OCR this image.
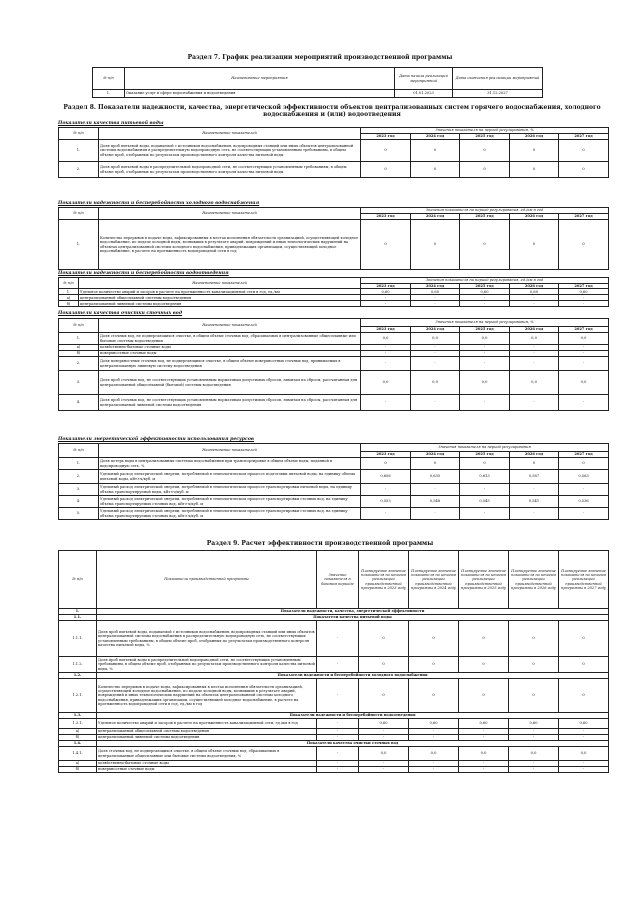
Раздел 7. График реализации мероприятий производственной программы
№ п/п	Наименование мероприятия	Дата начала реализации мероприятий	Дата окончания реализации мероприятий
1.	Оказание услуг в сфере водоснабжения и водоотведения	01.01.2023	31.12.2027
Раздел 8. Показатели надежности, качества, энергетической эффективности объектов централизованных систем горячего водоснабжения, холодного водоснабжения и (или) водоотведения
Показатели качества питьевой воды
№ п/п	Наименование показателей	Значения показателя на период регулирования, %				
		2023 год	2024 год	2025 год	2026 год	2027 год
1.	Доля проб питьевой воды, подаваемой с источников водоснабжения, водопроводных станций или иных объектов централизованной системы водоснабжения в распределительную водопроводную сеть, не соответствующих установленным требованиям, в общем объеме проб, отобранных по результатам производственного контроля качества питьевой воды	0	0	0	0	0
2.	Доля проб питьевой воды в распределительной водопроводной сети, не соответствующих установленным требованиям, в общем объеме проб, отобранных по результатам производственного контроля качества питьевой воды	0	0	0	0	0
Показатели надежности и бесперебойности холодного водоснабжения
№ п/п	Наименование показателей	Значения показателя на период регулирования, ед./км в год				
		2023 год	2024 год	2025 год	2026 год	2027 год
1.	Количество перерывов в подаче воды, зафиксированных в местах исполнения обязательств организацией, осуществляющей холодное водоснабжение, по подаче холодной воды, возникших в результате аварий, повреждений и иных технологических нарушений на объектах централизованной системы холодного водоснабжения, принадлежащих организации, осуществляющей холодное водоснабжение, в расчете на протяженность водопроводной сети в год	0	0	0	0	0
Показатели надежности и бесперебойности водоотведения
№ п/п	Наименование показателей	Значения показателя на период регулирования, ед./км в год				
		2023 год	2024 год	2025 год	2026 год	2027 год
1.	Удельное количество аварий и засоров в расчете на протяженность канализационной сети в год, ед./км	0,60	0,60	0,60	0,60	0,60
а)	централизованной общесплавной системы водоотведения	-	-	-	-	-
б)	централизованной ливневой системы водоотведения	-	-	-	-	-
Показатели качества очистки сточных вод
№ п/п	Наименование показателей	Значения показателя на период регулирования, %				
		2023 год	2024 год	2025 год	2026 год	2027 год
1.	Доля сточных вод, не подвергающихся очистке, в общем объеме сточных вод, сбрасываемых в централизованные общесплавные или бытовые системы водоотведения	0,0	0,0	0,0	0,0	0,0
а)	хозяйственно-бытовые сточные воды	-	-	-	-	-
б)	поверхностные сточные воды	-	-	-	-	-
2.	Доля поверхностных сточных вод, не подвергающихся очистке, в общем объеме поверхностных сточных вод, принимаемых в централизованную ливневую систему водоотведения	-	-	-	-	-
3.	Доля проб сточных вод, не соответствующих установленным нормативам допустимых сбросов, лимитам на сбросы, рассчитанная для централизованной общесплавной (бытовой) системы водоотведения	0,0	0,0	0,0	0,0	0,0
4.	Доля проб сточных вод, не соответствующих установленным нормативам допустимых сбросов, лимитам на сбросы, рассчитанная для централизованной ливневой системы водоотведения	-	-	-	-	-
Показатели энергетической эффективности использования ресурсов
№ п/п	Наименование показателей	Значения показателя на период регулирования				
		2023 год	2024 год	2025 год	2026 год	2027 год
1.	Доля потерь воды в централизованных системах водоснабжения при транспортировке в общем объеме воды, поданной в водопроводную сеть, %	0	0	0	0	0
2.	Удельный расход электрической энергии, потребляемой в технологическом процессе подготовки питьевой воды, на единицу объема питьевой воды, кВт×ч/куб. м	0,656	0,635	0,613	0,587	0,563
3.	Удельный расход электрической энергии, потребляемой в технологическом процессе транспортировки питьевой воды, на единицу объема транспортируемой воды, кВт×ч/куб. м	-	-	-	-	-
4.	Удельный расход электрической энергии, потребляемой в технологическом процессе транспортировки сточных вод, на единицу объема транспортируемых сточных вод, кВт×ч/куб. м	0,553	0,548	0,545	0,541	0,536
5.	Удельный расход электрической энергии, потребляемой в технологическом процессе транспортировки сточных вод, на единицу объема транспортируемых сточных вод, кВт×ч/куб. м	-	-	-	-	-
Раздел 9. Расчет эффективности производственной программы
№ п/п	Показатели производственной программы	Значение показателя в базовом периоде	Планируемое значение показателя по итогам реализации производственной программы в 2023 году	Планируемое значение показателя по итогам реализации производственной программы в 2024 году	Планируемое значение показателя по итогам реализации производственной программы в 2025 году	Планируемое значение показателя по итогам реализации производственной программы в 2026 году	Планируемое значение показателя по итогам реализации производственной программы в 2027 году
1.	Показатели надежности, качества, энергетической эффективности						
1.1.	Показатели качества питьевой воды						
1.1.1.	Доля проб питьевой воды, подаваемой с источников водоснабжения, водопроводных станций или иных объектов централизованной системы водоснабжения в распределительную водопроводную сеть, не соответствующих установленным требованиям, в общем объеме проб, отобранных по результатам производственного контроля качества питьевой воды, %	-	0	0	0	0	0
1.1.2.	Доля проб питьевой воды в распределительной водопроводной сети, не соответствующих установленным требованиям, в общем объеме проб, отобранных по результатам производственного контроля качества питьевой воды, %	-	0	0	0	0	0
1.2.	Показатели надежности и бесперебойности холодного водоснабжения						
1.2.1.	Количество перерывов в подаче воды, зафиксированных в местах исполнения обязательств организацией, осуществляющей холодное водоснабжение, по подаче холодной воды, возникших в результате аварий, повреждений и иных технологических нарушений на объектах централизованной системы холодного водоснабжения, принадлежащих организации, осуществляющей холодное водоснабжение, в расчете на протяженность водопроводной сети в год, ед./км в год	-	0	0	0	0	0
1.3.	Показатели надежности и бесперебойности водоотведения						
1.3.1.	Удельное количество аварий и засоров в расчете на протяженность канализационной сети, ед./км в год	-	0,60	0,60	0,60	0,60	0,60
а)	централизованной общесплавной системы водоотведения	-	-	-	-	-	-
б)	централизованной ливневой системы водоотведения	-	-	-	-	-	-
1.4.	Показатели качества очистки сточных вод						
1.4.1.	Доля сточных вод, не подвергающихся очистке, в общем объеме сточных вод, сбрасываемых в централизованные общесплавные или бытовые системы водоотведения, %	-	0,0	0,0	0,0	0,0	0,0
а)	хозяйственно-бытовые сточные воды	-	-	-	-	-	-
б)	поверхностные сточные воды	-	-	-	-	-	-
